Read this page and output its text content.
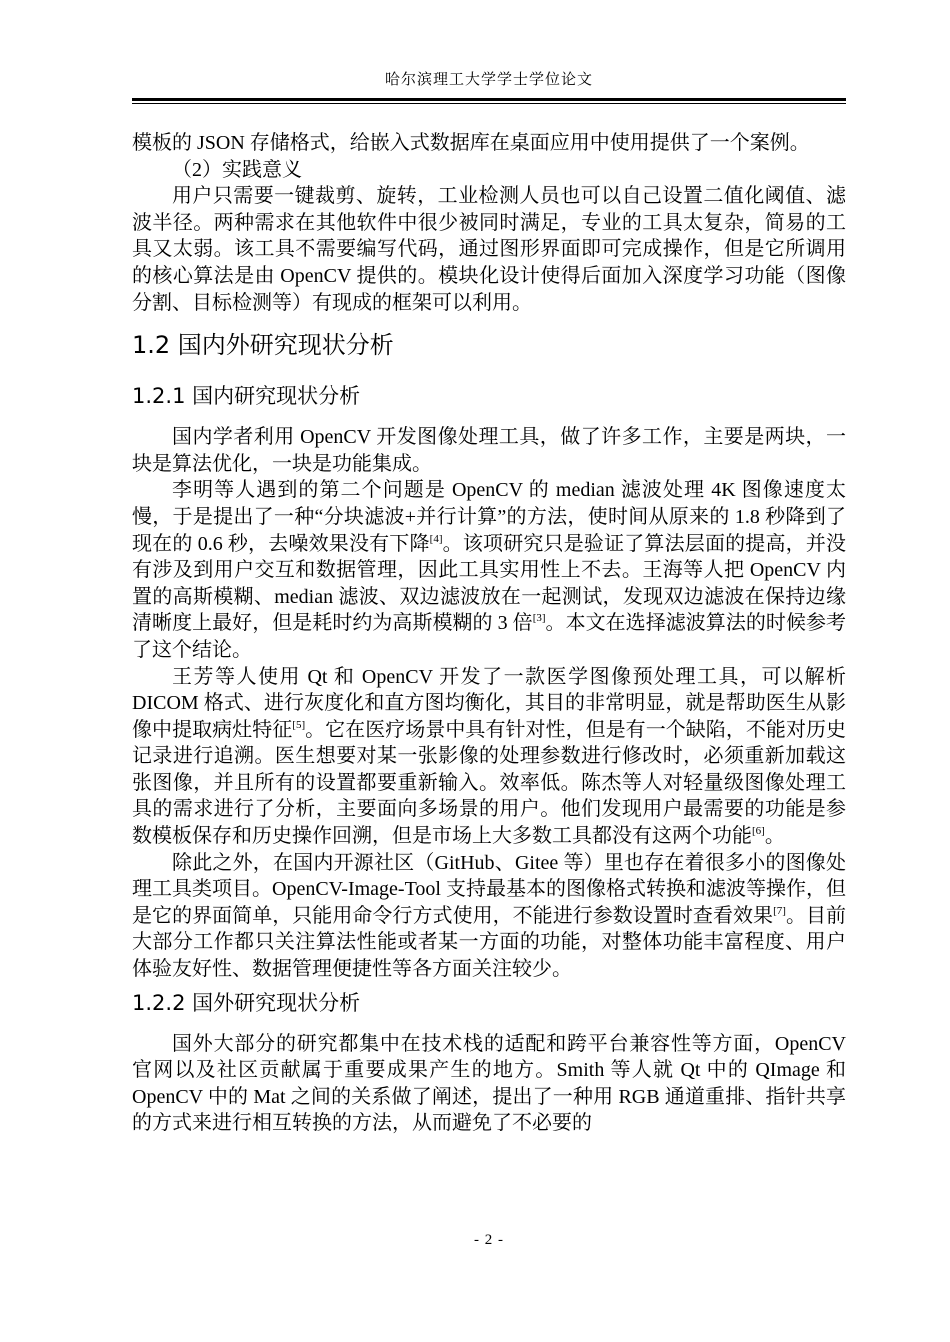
哈尔滨理工大学学士学位论文

模板的 JSON 存储格式，给嵌入式数据库在桌面应用中使用提供了一个案例。

（2）实践意义

用户只需要一键裁剪、旋转，工业检测人员也可以自己设置二值化阈值、滤波半径。两种需求在其他软件中很少被同时满足，专业的工具太复杂，简易的工具又太弱。该工具不需要编写代码，通过图形界面即可完成操作，但是它所调用的核心算法是由 OpenCV 提供的。模块化设计使得后面加入深度学习功能（图像分割、目标检测等）有现成的框架可以利用。

1.2 国内外研究现状分析
1.2.1 国内研究现状分析

国内学者利用 OpenCV 开发图像处理工具，做了许多工作，主要是两块，一块是算法优化，一块是功能集成。

李明等人遇到的第二个问题是 OpenCV 的 median 滤波处理 4K 图像速度太慢，于是提出了一种“分块滤波+并行计算”的方法，使时间从原来的 1.8 秒降到了现在的 0.6 秒，去噪效果没有下降[4]。该项研究只是验证了算法层面的提高，并没有涉及到用户交互和数据管理，因此工具实用性上不去。王海等人把 OpenCV 内置的高斯模糊、median 滤波、双边滤波放在一起测试，发现双边滤波在保持边缘清晰度上最好，但是耗时约为高斯模糊的 3 倍[3]。本文在选择滤波算法的时候参考了这个结论。

王芳等人使用 Qt 和 OpenCV 开发了一款医学图像预处理工具，可以解析 DICOM 格式、进行灰度化和直方图均衡化，其目的非常明显，就是帮助医生从影像中提取病灶特征[5]。它在医疗场景中具有针对性，但是有一个缺陷，不能对历史记录进行追溯。医生想要对某一张影像的处理参数进行修改时，必须重新加载这张图像，并且所有的设置都要重新输入。效率低。陈杰等人对轻量级图像处理工具的需求进行了分析，主要面向多场景的用户。他们发现用户最需要的功能是参数模板保存和历史操作回溯，但是市场上大多数工具都没有这两个功能[6]。

除此之外，在国内开源社区（GitHub、Gitee 等）里也存在着很多小的图像处理工具类项目。OpenCV-Image-Tool 支持最基本的图像格式转换和滤波等操作，但是它的界面简单，只能用命令行方式使用，不能进行参数设置时查看效果[7]。目前大部分工作都只关注算法性能或者某一方面的功能，对整体功能丰富程度、用户体验友好性、数据管理便捷性等各方面关注较少。

1.2.2 国外研究现状分析

国外大部分的研究都集中在技术栈的适配和跨平台兼容性等方面，OpenCV 官网以及社区贡献属于重要成果产生的地方。Smith 等人就 Qt 中的 QImage 和 OpenCV 中的 Mat 之间的关系做了阐述，提出了一种用 RGB 通道重排、指针共享的方式来进行相互转换的方法，从而避免了不必要的

- 2 -
